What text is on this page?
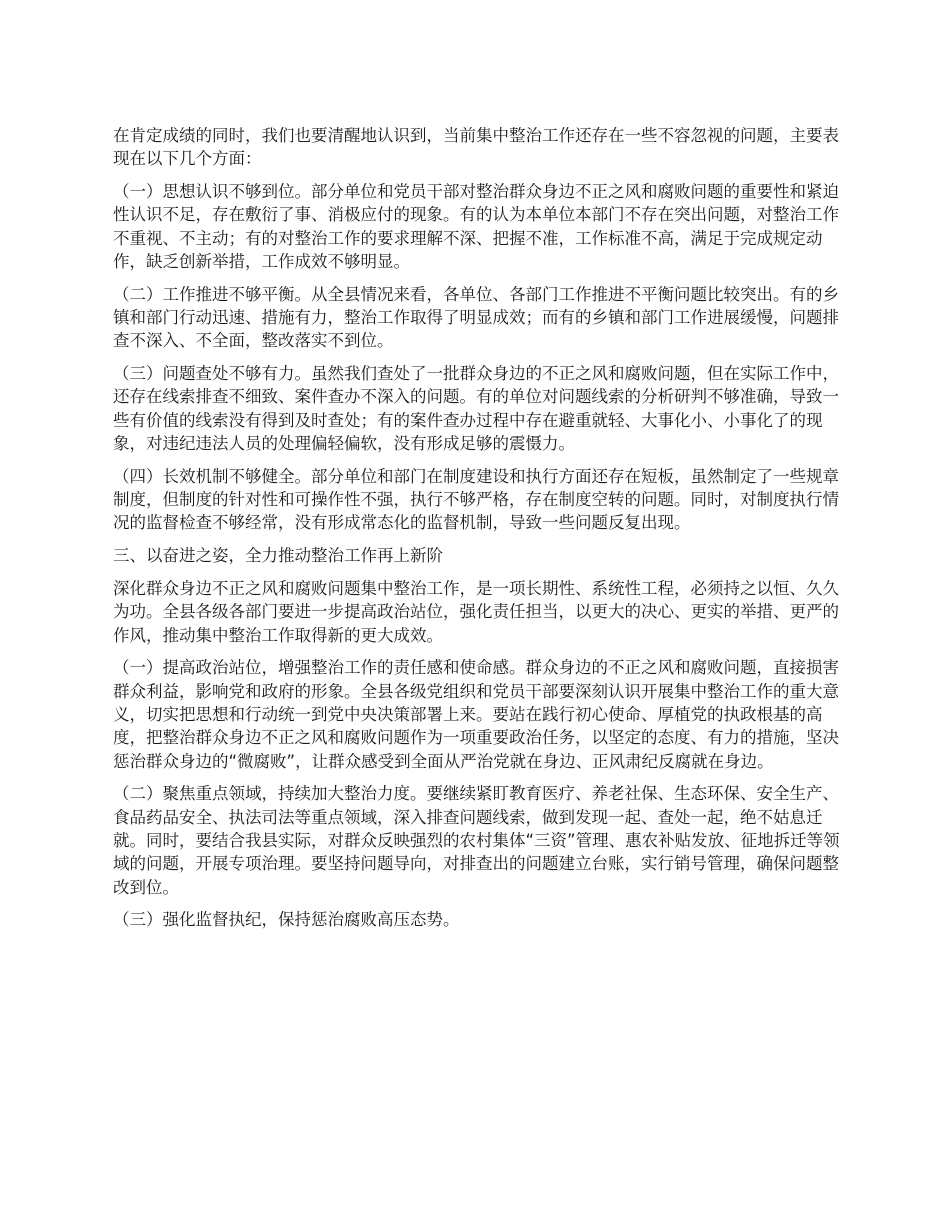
在肯定成绩的同时，我们也要清醒地认识到，当前集中整治工作还存在一些不容忽视的问题，主要表现在以下几个方面：

（一）思想认识不够到位。部分单位和党员干部对整治群众身边不正之风和腐败问题的重要性和紧迫性认识不足，存在敷衍了事、消极应付的现象。有的认为本单位本部门不存在突出问题，对整治工作不重视、不主动；有的对整治工作的要求理解不深、把握不准，工作标准不高，满足于完成规定动作，缺乏创新举措，工作成效不够明显。

（二）工作推进不够平衡。从全县情况来看，各单位、各部门工作推进不平衡问题比较突出。有的乡镇和部门行动迅速、措施有力，整治工作取得了明显成效；而有的乡镇和部门工作进展缓慢，问题排查不深入、不全面，整改落实不到位。

（三）问题查处不够有力。虽然我们查处了一批群众身边的不正之风和腐败问题，但在实际工作中，还存在线索排查不细致、案件查办不深入的问题。有的单位对问题线索的分析研判不够准确，导致一些有价值的线索没有得到及时查处；有的案件查办过程中存在避重就轻、大事化小、小事化了的现象，对违纪违法人员的处理偏轻偏软，没有形成足够的震慑力。

（四）长效机制不够健全。部分单位和部门在制度建设和执行方面还存在短板，虽然制定了一些规章制度，但制度的针对性和可操作性不强，执行不够严格，存在制度空转的问题。同时，对制度执行情况的监督检查不够经常，没有形成常态化的监督机制，导致一些问题反复出现。

三、以奋进之姿，全力推动整治工作再上新阶

深化群众身边不正之风和腐败问题集中整治工作，是一项长期性、系统性工程，必须持之以恒、久久为功。全县各级各部门要进一步提高政治站位，强化责任担当，以更大的决心、更实的举措、更严的作风，推动集中整治工作取得新的更大成效。

（一）提高政治站位，增强整治工作的责任感和使命感。群众身边的不正之风和腐败问题，直接损害群众利益，影响党和政府的形象。全县各级党组织和党员干部要深刻认识开展集中整治工作的重大意义，切实把思想和行动统一到党中央决策部署上来。要站在践行初心使命、厚植党的执政根基的高度，把整治群众身边不正之风和腐败问题作为一项重要政治任务，以坚定的态度、有力的措施，坚决惩治群众身边的“微腐败”，让群众感受到全面从严治党就在身边、正风肃纪反腐就在身边。

（二）聚焦重点领域，持续加大整治力度。要继续紧盯教育医疗、养老社保、生态环保、安全生产、食品药品安全、执法司法等重点领域，深入排查问题线索，做到发现一起、查处一起，绝不姑息迁就。同时，要结合我县实际，对群众反映强烈的农村集体“三资”管理、惠农补贴发放、征地拆迁等领域的问题，开展专项治理。要坚持问题导向，对排查出的问题建立台账，实行销号管理，确保问题整改到位。

（三）强化监督执纪，保持惩治腐败高压态势。
